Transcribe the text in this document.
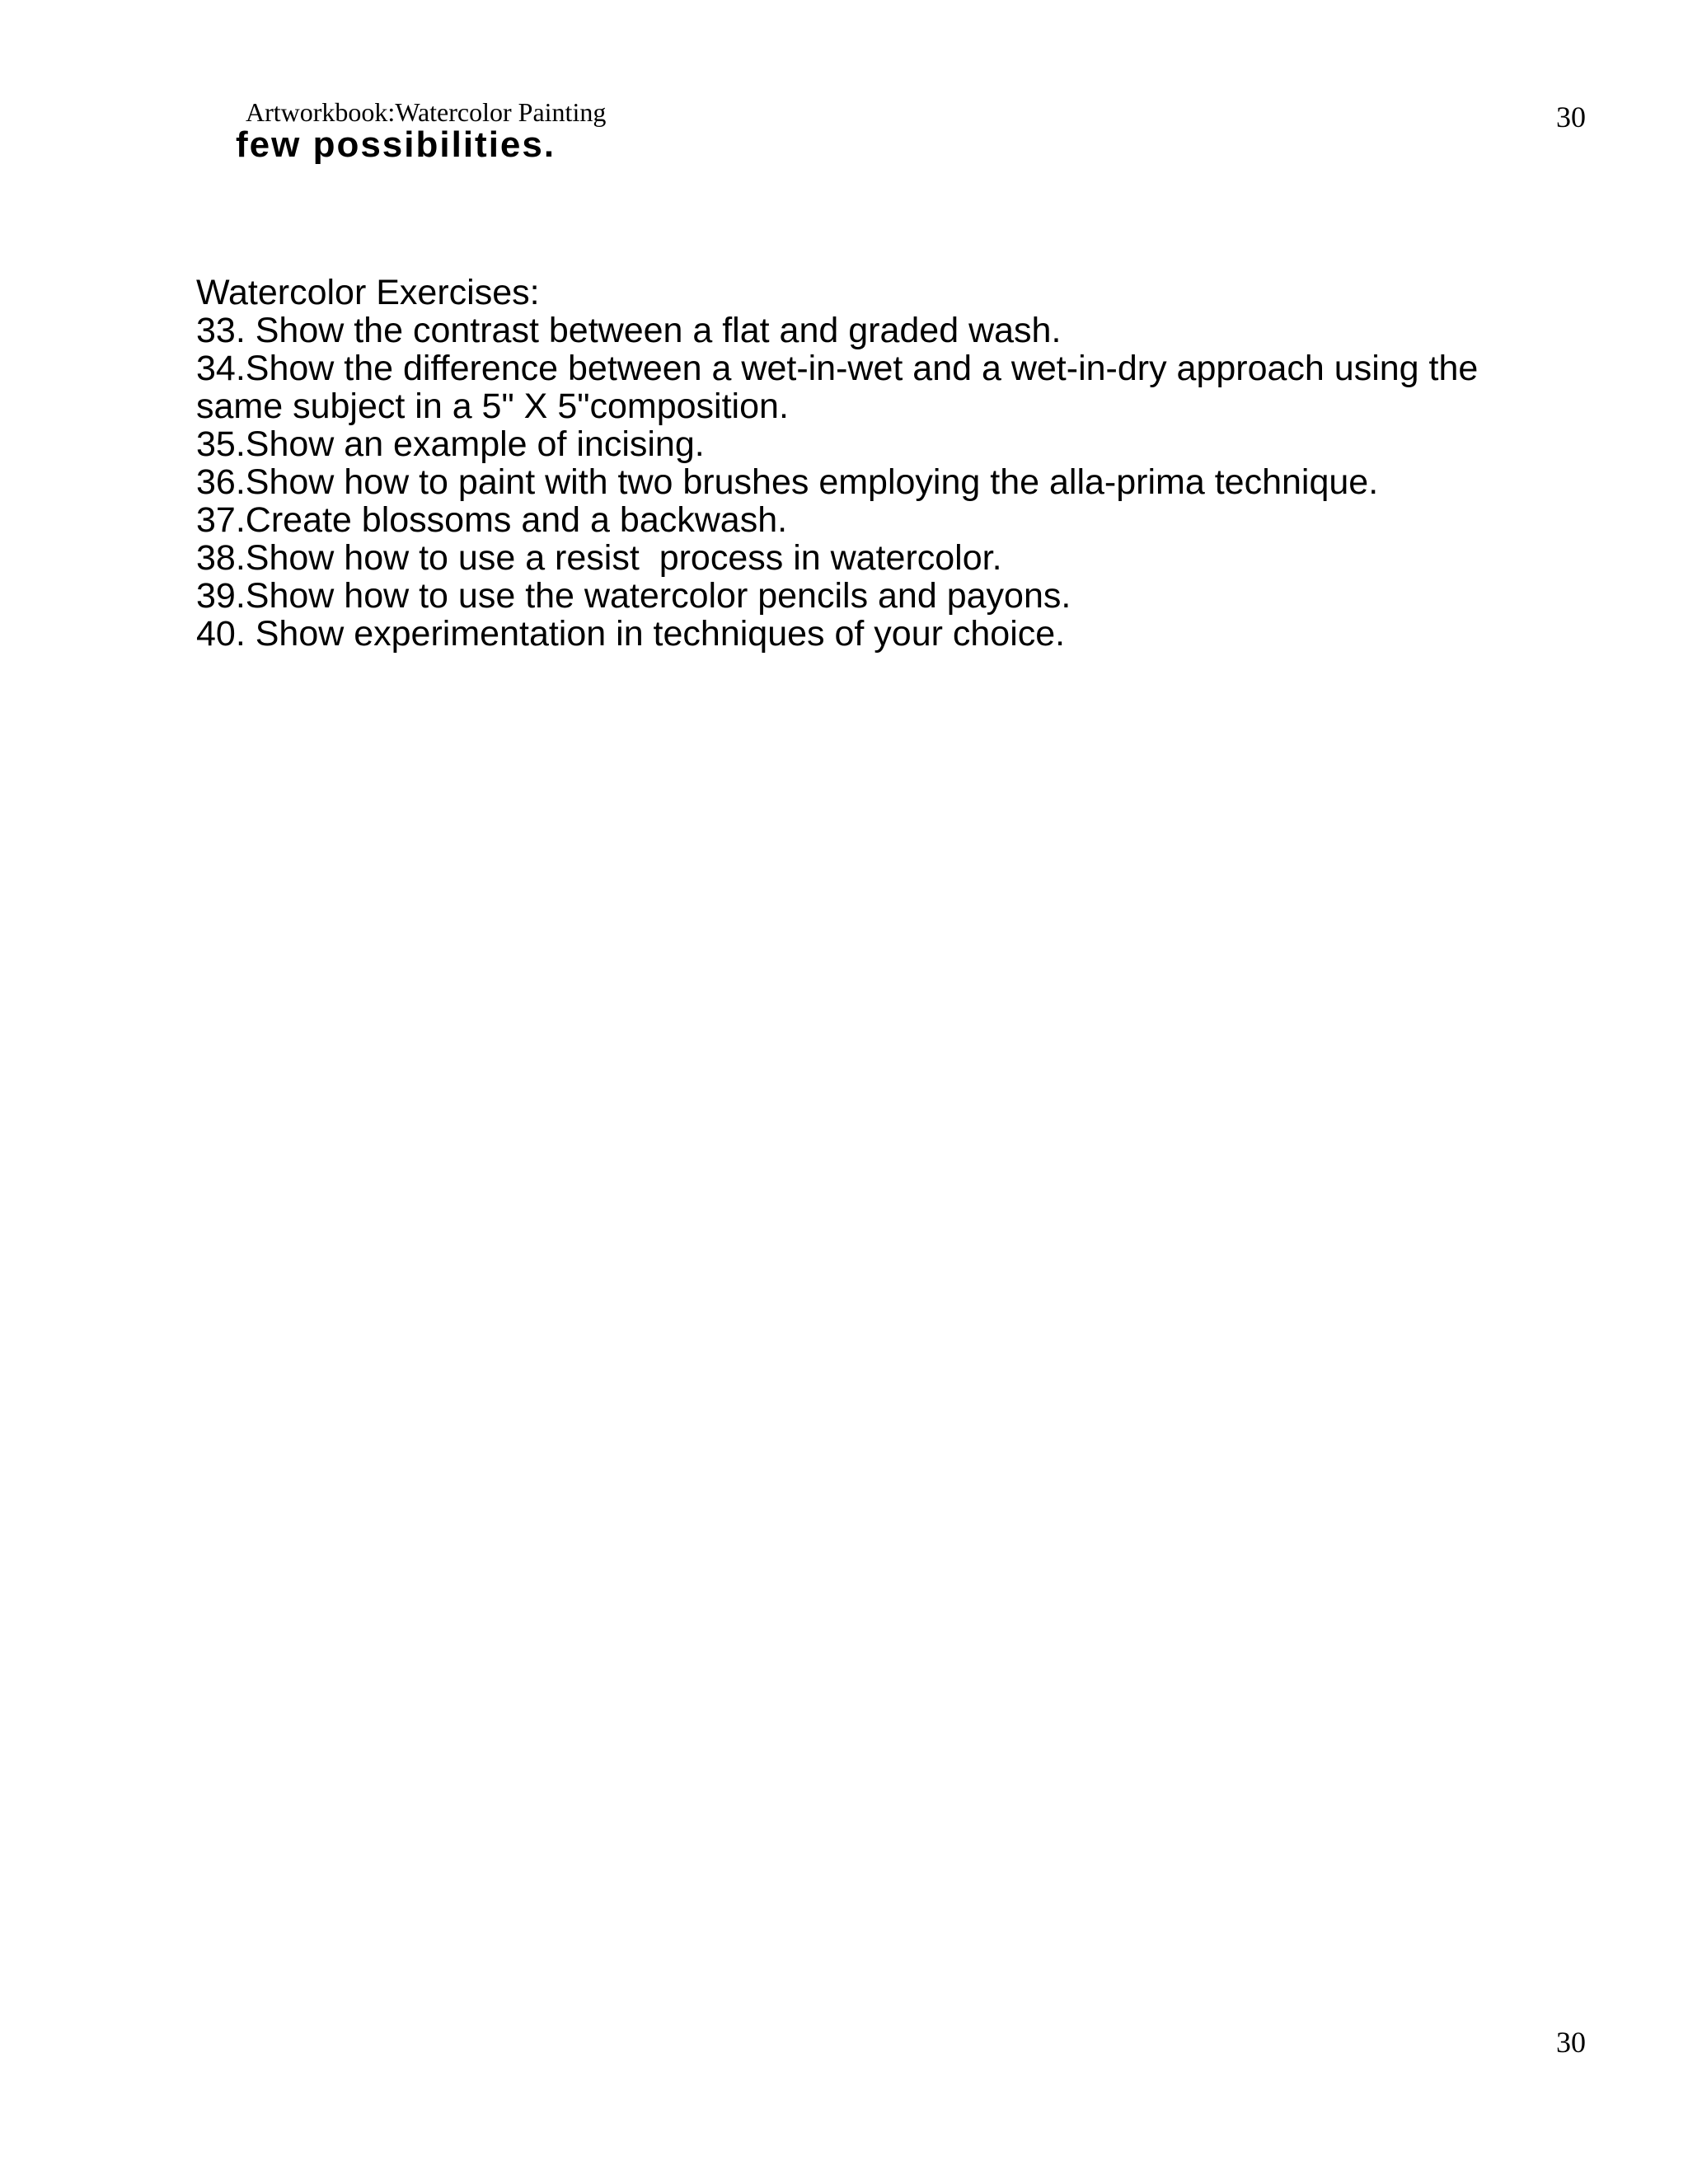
Artworkbook:Watercolor Painting	30
few possibilities.
Watercolor Exercises:
33. Show the contrast between a flat and graded wash.
34.Show the difference between a wet-in-wet and a wet-in-dry approach using the same subject in a 5" X 5"composition.
35.Show an example of incising.
36.Show how to paint with two brushes employing the alla-prima technique.
37.Create blossoms and a backwash.
38.Show how to use a resist  process in watercolor.
39.Show how to use the watercolor pencils and payons.
40. Show experimentation in techniques of your choice.
30
